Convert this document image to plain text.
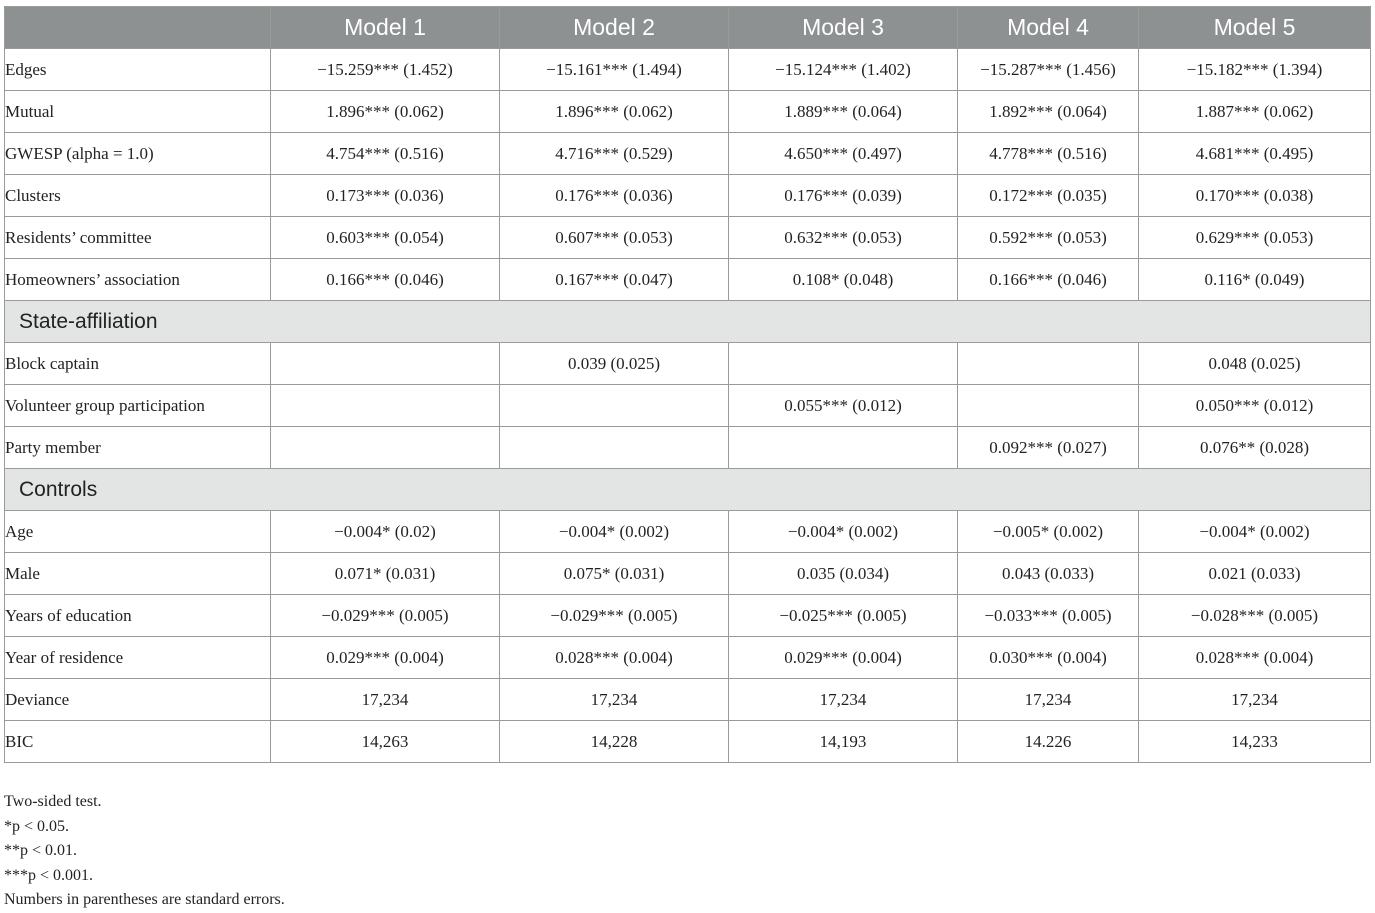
	Model 1	Model 2	Model 3	Model 4	Model 5
Edges	−15.259*** (1.452)	−15.161*** (1.494)	−15.124*** (1.402)	−15.287*** (1.456)	−15.182*** (1.394)
Mutual	1.896*** (0.062)	1.896*** (0.062)	1.889*** (0.064)	1.892*** (0.064)	1.887*** (0.062)
GWESP (alpha = 1.0)	4.754*** (0.516)	4.716*** (0.529)	4.650*** (0.497)	4.778*** (0.516)	4.681*** (0.495)
Clusters	0.173*** (0.036)	0.176*** (0.036)	0.176*** (0.039)	0.172*** (0.035)	0.170*** (0.038)
Residents’ committee	0.603*** (0.054)	0.607*** (0.053)	0.632*** (0.053)	0.592*** (0.053)	0.629*** (0.053)
Homeowners’ association	0.166*** (0.046)	0.167*** (0.047)	0.108* (0.048)	0.166*** (0.046)	0.116* (0.049)
State-affiliation					
Block captain		0.039 (0.025)			0.048 (0.025)
Volunteer group participation			0.055*** (0.012)		0.050*** (0.012)
Party member				0.092*** (0.027)	0.076** (0.028)
Controls					
Age	−0.004* (0.02)	−0.004* (0.002)	−0.004* (0.002)	−0.005* (0.002)	−0.004* (0.002)
Male	0.071* (0.031)	0.075* (0.031)	0.035 (0.034)	0.043 (0.033)	0.021 (0.033)
Years of education	−0.029*** (0.005)	−0.029*** (0.005)	−0.025*** (0.005)	−0.033*** (0.005)	−0.028*** (0.005)
Year of residence	0.029*** (0.004)	0.028*** (0.004)	0.029*** (0.004)	0.030*** (0.004)	0.028*** (0.004)
Deviance	17,234	17,234	17,234	17,234	17,234
BIC	14,263	14,228	14,193	14.226	14,233
Two-sided test.
*p < 0.05.
**p < 0.01.
***p < 0.001.
Numbers in parentheses are standard errors.
